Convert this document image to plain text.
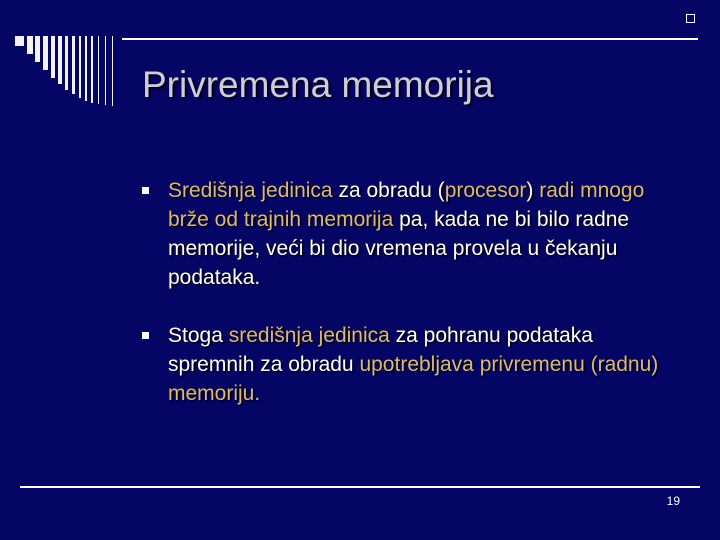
Privremena memorija
Središnja jedinica za obradu (procesor) radi mnogo brže od trajnih memorija pa, kada ne bi bilo radne memorije, veći bi dio vremena provela u čekanju podataka.
Stoga središnja jedinica za pohranu podataka spremnih za obradu upotrebljava privremenu (radnu) memoriju.
19
